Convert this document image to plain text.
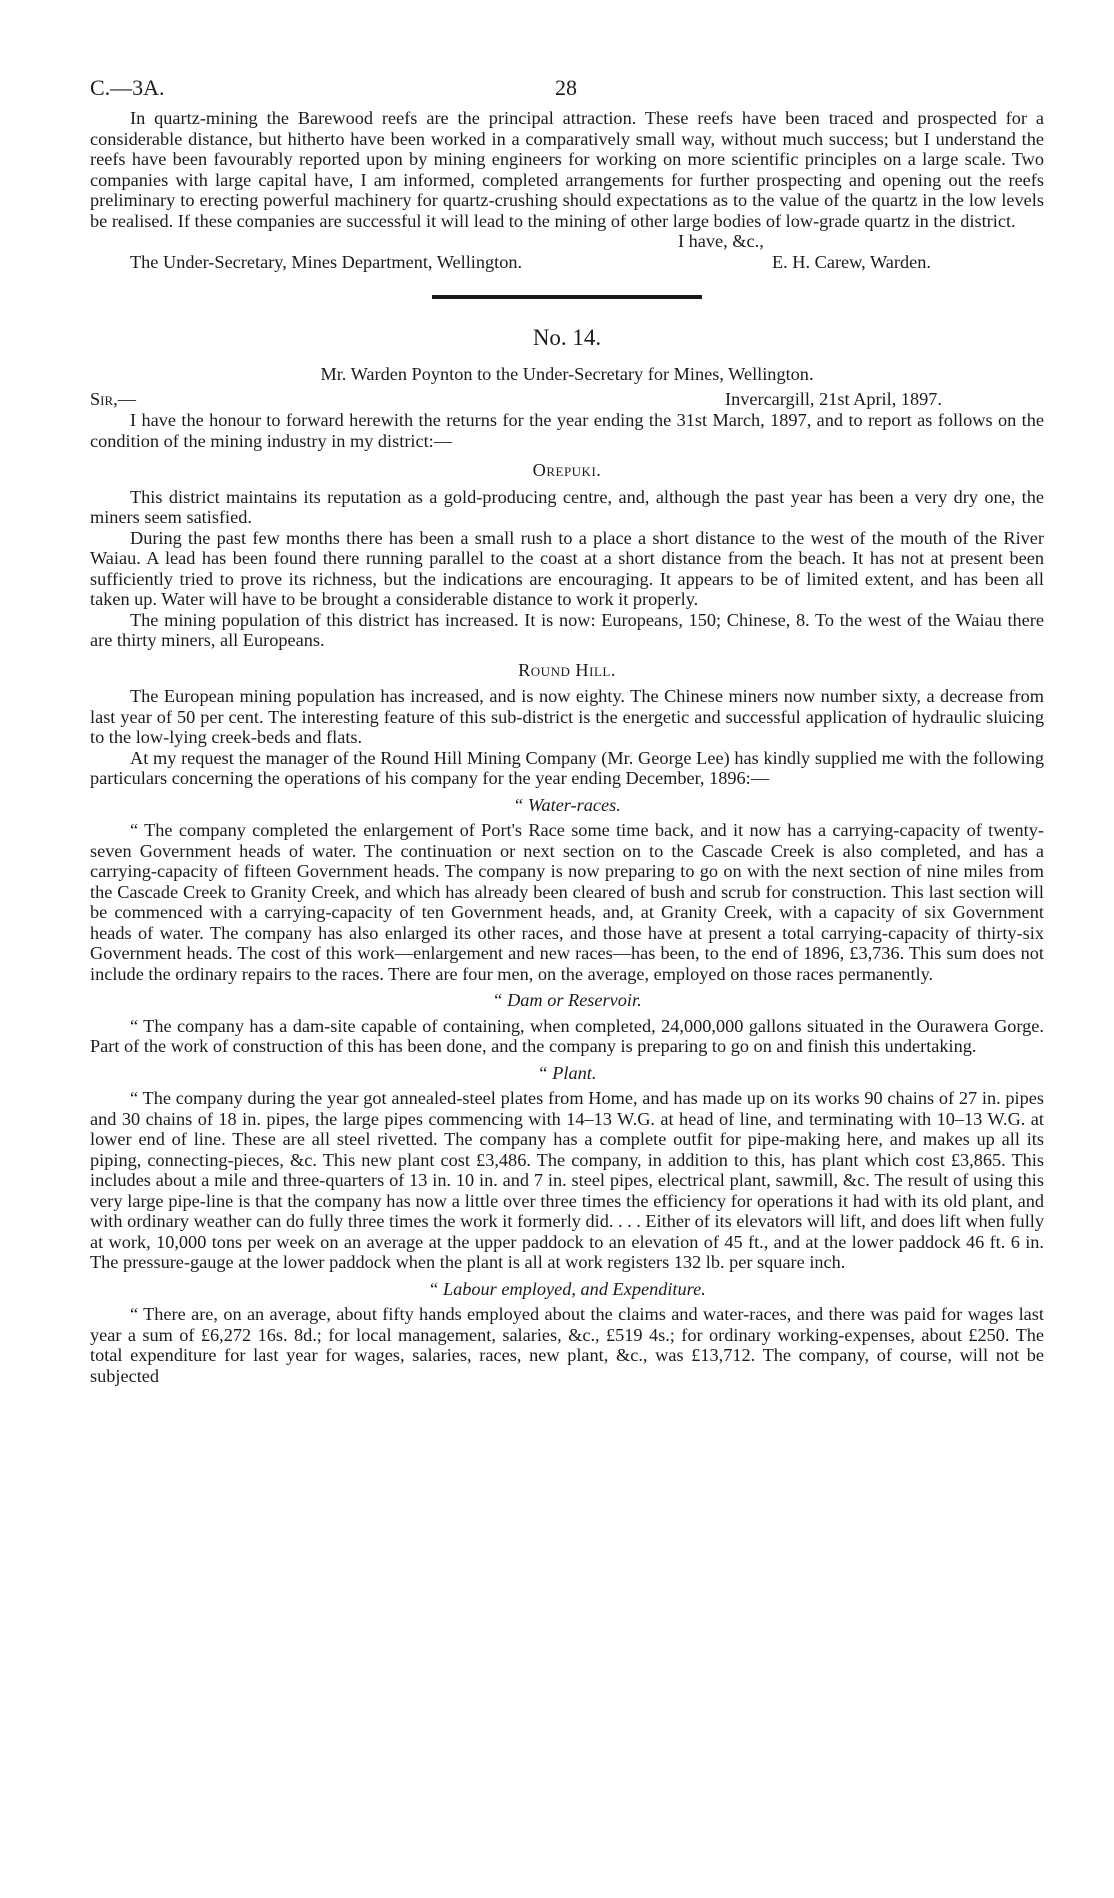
C.—3A.	28

In quartz-mining the Barewood reefs are the principal attraction. These reefs have been traced and prospected for a considerable distance, but hitherto have been worked in a comparatively small way, without much success; but I understand the reefs have been favourably reported upon by mining engineers for working on more scientific principles on a large scale. Two companies with large capital have, I am informed, completed arrangements for further prospecting and opening out the reefs preliminary to erecting powerful machinery for quartz-crushing should expectations as to the value of the quartz in the low levels be realised. If these companies are successful it will lead to the mining of other large bodies of low-grade quartz in the district.

I have, &c.,
The Under-Secretary, Mines Department, Wellington.	E. H. Carew, Warden.
No. 14.
Mr. Warden Poynton to the Under-Secretary for Mines, Wellington.
Sir,—	Invercargill, 21st April, 1897.

I have the honour to forward herewith the returns for the year ending the 31st March, 1897, and to report as follows on the condition of the mining industry in my district:—

Orepuki.

This district maintains its reputation as a gold-producing centre, and, although the past year has been a very dry one, the miners seem satisfied.

During the past few months there has been a small rush to a place a short distance to the west of the mouth of the River Waiau. A lead has been found there running parallel to the coast at a short distance from the beach. It has not at present been sufficiently tried to prove its richness, but the indications are encouraging. It appears to be of limited extent, and has been all taken up. Water will have to be brought a considerable distance to work it properly.

The mining population of this district has increased. It is now: Europeans, 150; Chinese, 8. To the west of the Waiau there are thirty miners, all Europeans.

Round Hill.

The European mining population has increased, and is now eighty. The Chinese miners now number sixty, a decrease from last year of 50 per cent. The interesting feature of this sub-district is the energetic and successful application of hydraulic sluicing to the low-lying creek-beds and flats.

At my request the manager of the Round Hill Mining Company (Mr. George Lee) has kindly supplied me with the following particulars concerning the operations of his company for the year ending December, 1896:—

“ Water-races.

“ The company completed the enlargement of Port's Race some time back, and it now has a carrying-capacity of twenty-seven Government heads of water. The continuation or next section on to the Cascade Creek is also completed, and has a carrying-capacity of fifteen Government heads. The company is now preparing to go on with the next section of nine miles from the Cascade Creek to Granity Creek, and which has already been cleared of bush and scrub for construction. This last section will be commenced with a carrying-capacity of ten Government heads, and, at Granity Creek, with a capacity of six Government heads of water. The company has also enlarged its other races, and those have at present a total carrying-capacity of thirty-six Government heads. The cost of this work—enlargement and new races—has been, to the end of 1896, £3,736. This sum does not include the ordinary repairs to the races. There are four men, on the average, employed on those races permanently.

“ Dam or Reservoir.

“ The company has a dam-site capable of containing, when completed, 24,000,000 gallons situated in the Ourawera Gorge. Part of the work of construction of this has been done, and the company is preparing to go on and finish this undertaking.

“ Plant.

“ The company during the year got annealed-steel plates from Home, and has made up on its works 90 chains of 27 in. pipes and 30 chains of 18 in. pipes, the large pipes commencing with 14–13 W.G. at head of line, and terminating with 10–13 W.G. at lower end of line. These are all steel rivetted. The company has a complete outfit for pipe-making here, and makes up all its piping, connecting-pieces, &c. This new plant cost £3,486. The company, in addition to this, has plant which cost £3,865. This includes about a mile and three-quarters of 13 in. 10 in. and 7 in. steel pipes, electrical plant, sawmill, &c. The result of using this very large pipe-line is that the company has now a little over three times the efficiency for operations it had with its old plant, and with ordinary weather can do fully three times the work it formerly did. . . . Either of its elevators will lift, and does lift when fully at work, 10,000 tons per week on an average at the upper paddock to an elevation of 45 ft., and at the lower paddock 46 ft. 6 in. The pressure-gauge at the lower paddock when the plant is all at work registers 132 lb. per square inch.

“ Labour employed, and Expenditure.

“ There are, on an average, about fifty hands employed about the claims and water-races, and there was paid for wages last year a sum of £6,272 16s. 8d.; for local management, salaries, &c., £519 4s.; for ordinary working-expenses, about £250. The total expenditure for last year for wages, salaries, races, new plant, &c., was £13,712. The company, of course, will not be subjected
